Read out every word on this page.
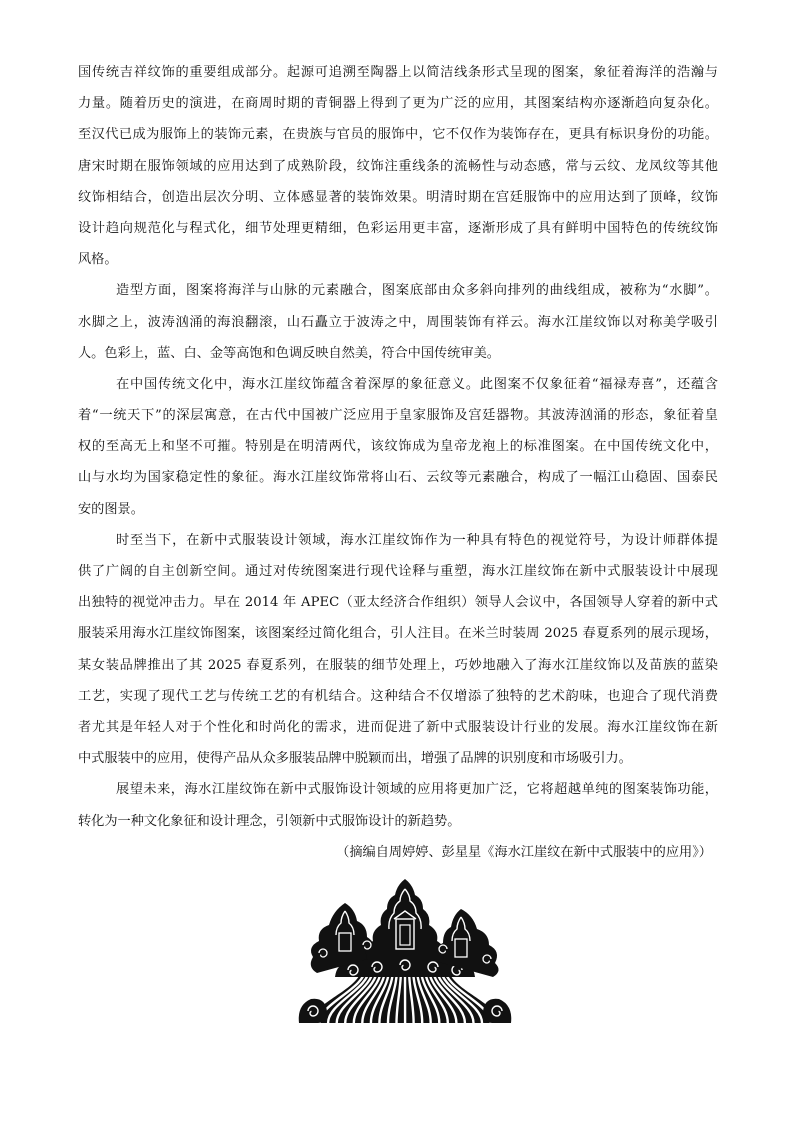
国传统吉祥纹饰的重要组成部分。起源可追溯至陶器上以简洁线条形式呈现的图案，象征着海洋的浩瀚与
力量。随着历史的演进，在商周时期的青铜器上得到了更为广泛的应用，其图案结构亦逐渐趋向复杂化。
至汉代已成为服饰上的装饰元素，在贵族与官员的服饰中，它不仅作为装饰存在，更具有标识身份的功能。
唐宋时期在服饰领域的应用达到了成熟阶段，纹饰注重线条的流畅性与动态感，常与云纹、龙凤纹等其他
纹饰相结合，创造出层次分明、立体感显著的装饰效果。明清时期在宫廷服饰中的应用达到了顶峰，纹饰
设计趋向规范化与程式化，细节处理更精细，色彩运用更丰富，逐渐形成了具有鲜明中国特色的传统纹饰
风格。
造型方面，图案将海洋与山脉的元素融合，图案底部由众多斜向排列的曲线组成，被称为“水脚”。
水脚之上，波涛汹涌的海浪翻滚，山石矗立于波涛之中，周围装饰有祥云。海水江崖纹饰以对称美学吸引
人。色彩上，蓝、白、金等高饱和色调反映自然美，符合中国传统审美。
在中国传统文化中，海水江崖纹饰蕴含着深厚的象征意义。此图案不仅象征着“福禄寿喜”，还蕴含
着“一统天下”的深层寓意，在古代中国被广泛应用于皇家服饰及宫廷器物。其波涛汹涌的形态，象征着皇
权的至高无上和坚不可摧。特别是在明清两代，该纹饰成为皇帝龙袍上的标准图案。在中国传统文化中，
山与水均为国家稳定性的象征。海水江崖纹饰常将山石、云纹等元素融合，构成了一幅江山稳固、国泰民
安的图景。
时至当下，在新中式服装设计领域，海水江崖纹饰作为一种具有特色的视觉符号，为设计师群体提
供了广阔的自主创新空间。通过对传统图案进行现代诠释与重塑，海水江崖纹饰在新中式服装设计中展现
出独特的视觉冲击力。早在 2014 年 APEC（亚太经济合作组织）领导人会议中，各国领导人穿着的新中式
服装采用海水江崖纹饰图案，该图案经过简化组合，引人注目。在米兰时装周 2025 春夏系列的展示现场，
某女装品牌推出了其 2025 春夏系列，在服装的细节处理上，巧妙地融入了海水江崖纹饰以及苗族的蓝染
工艺，实现了现代工艺与传统工艺的有机结合。这种结合不仅增添了独特的艺术韵味，也迎合了现代消费
者尤其是年轻人对于个性化和时尚化的需求，进而促进了新中式服装设计行业的发展。海水江崖纹饰在新
中式服装中的应用，使得产品从众多服装品牌中脱颖而出，增强了品牌的识别度和市场吸引力。
展望未来，海水江崖纹饰在新中式服饰设计领域的应用将更加广泛，它将超越单纯的图案装饰功能，
转化为一种文化象征和设计理念，引领新中式服饰设计的新趋势。
（摘编自周婷婷、彭星星《海水江崖纹在新中式服装中的应用》）
